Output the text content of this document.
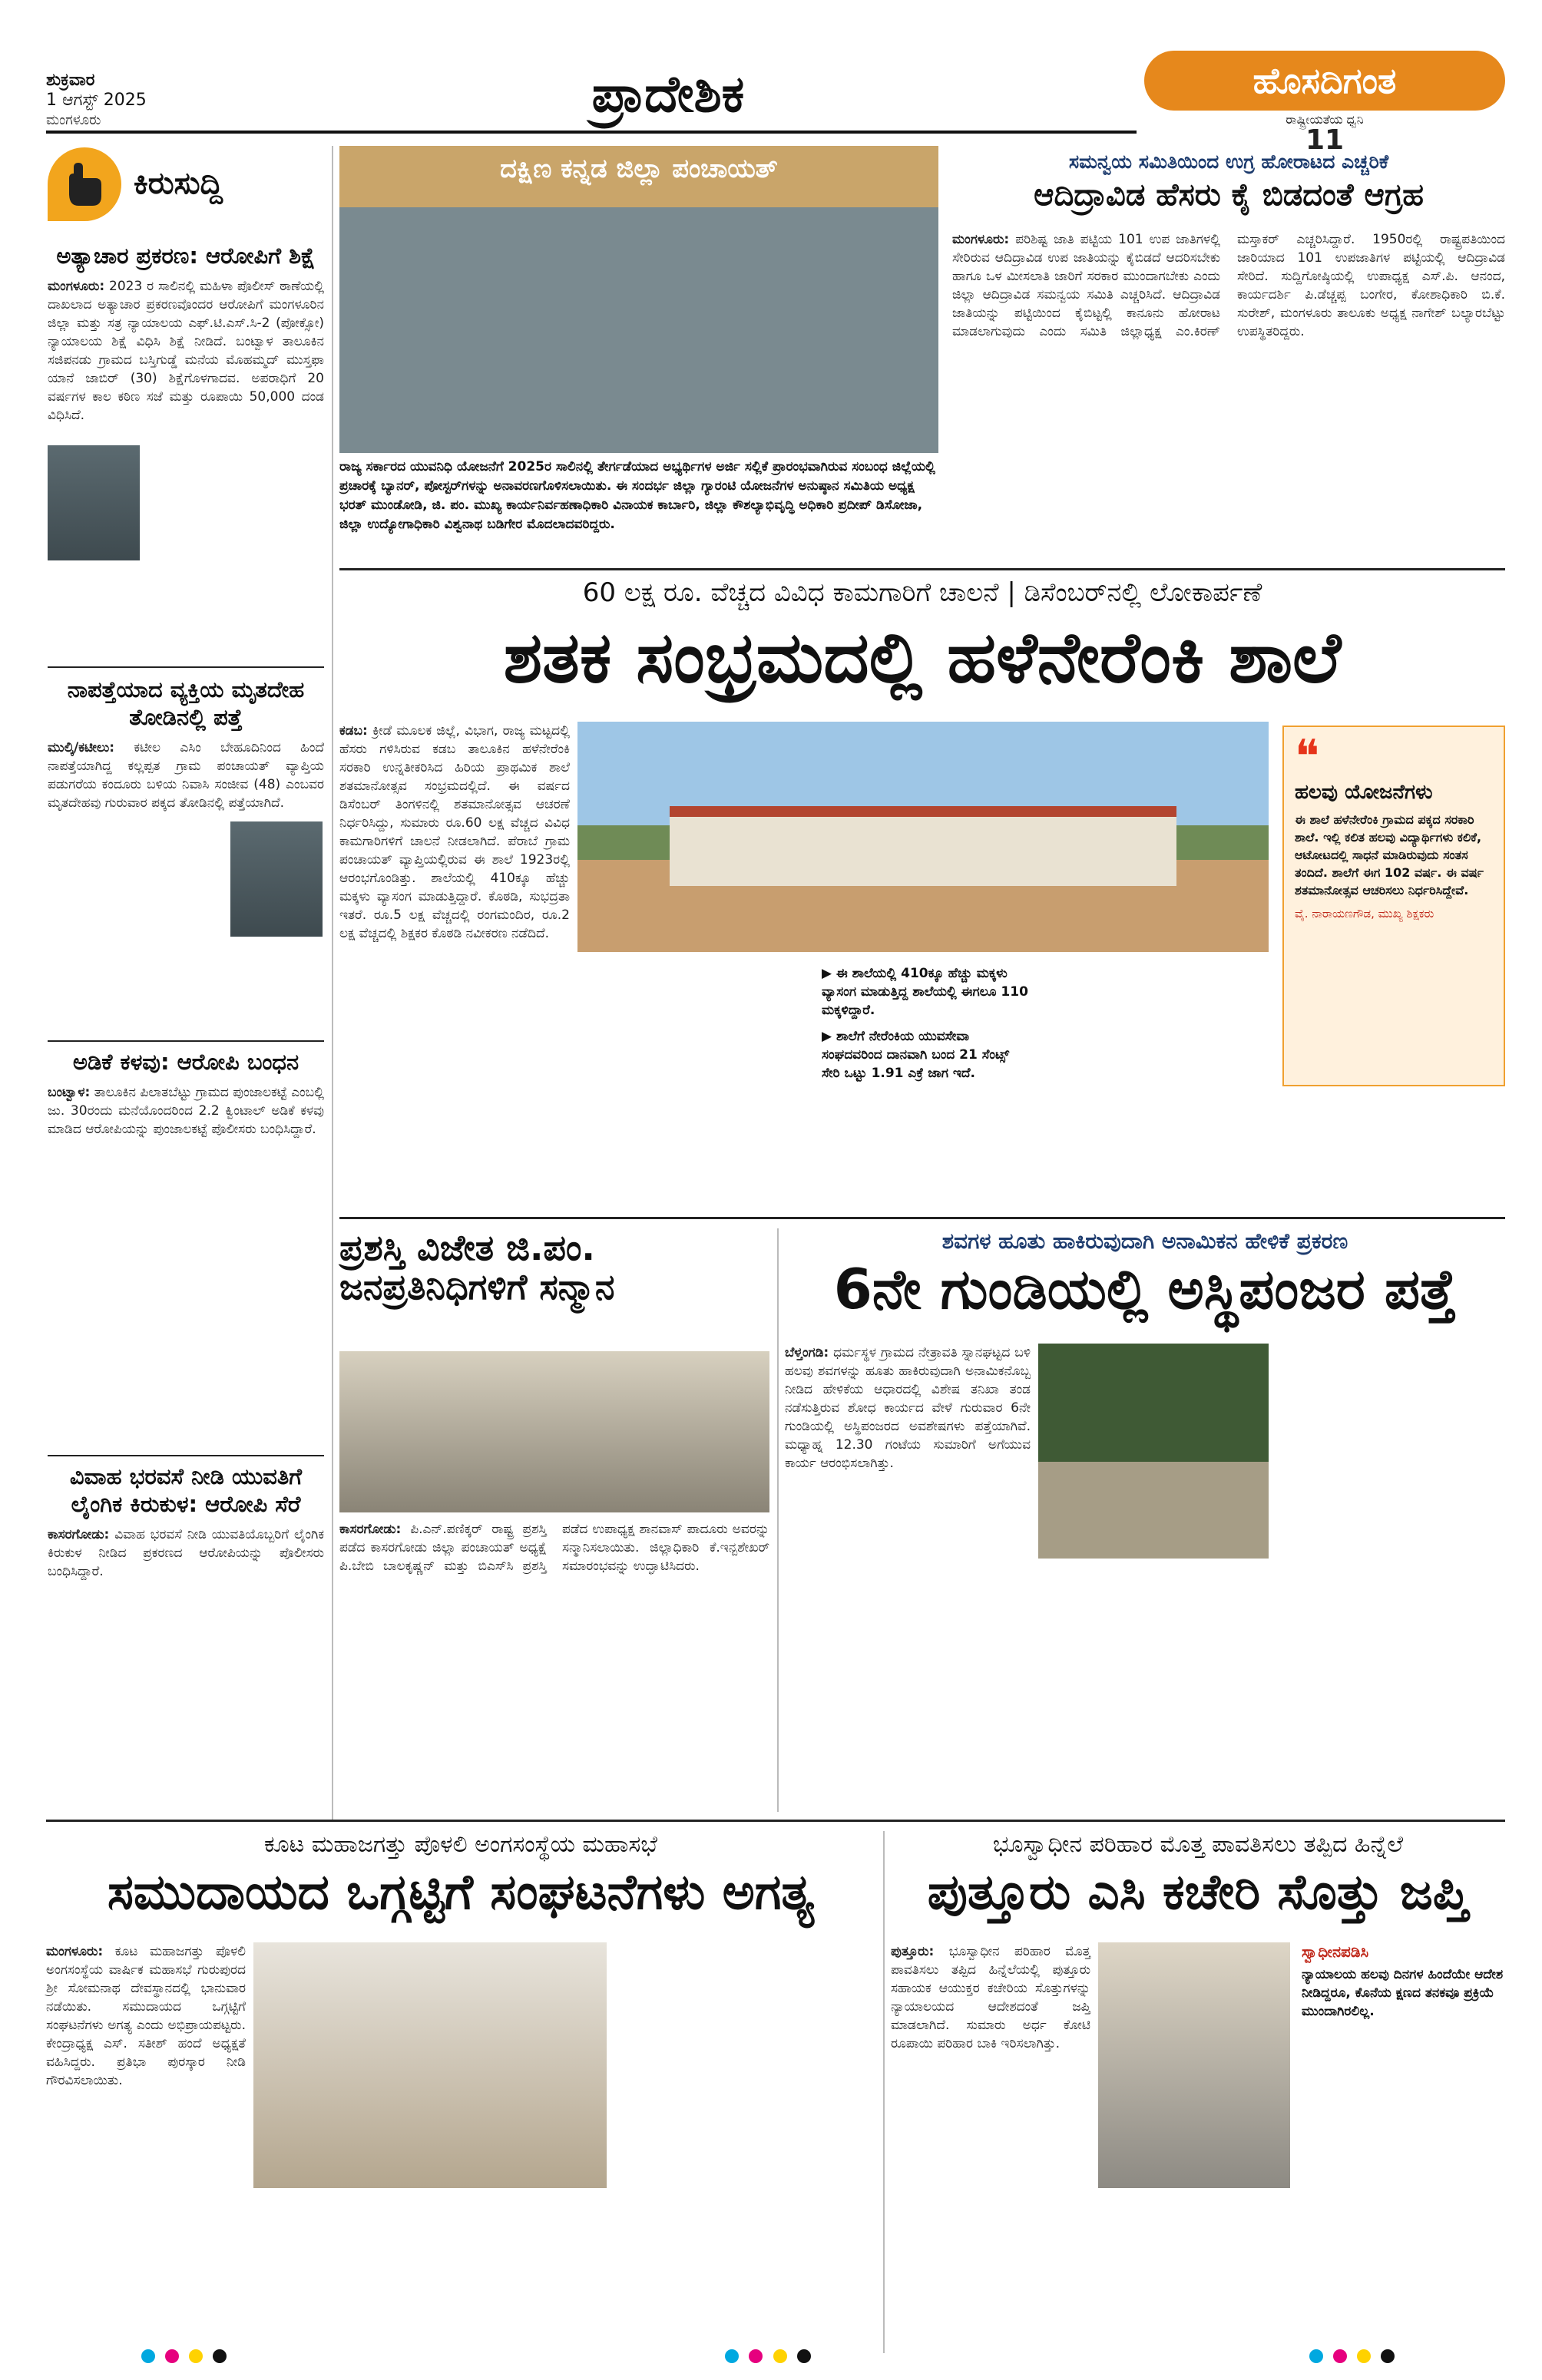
ಶುಕ್ರವಾರ
1 ಆಗಸ್ಟ್ 2025
ಮಂಗಳೂರು	ಪ್ರಾದೇಶಿಕ	ಹೊಸದಿಗಂತ
11
ರಾಷ್ಟ್ರೀಯತೆಯ ಧ್ವನಿ
ಕಿರುಸುದ್ದಿ
ಅತ್ಯಾಚಾರ ಪ್ರಕರಣ: ಆರೋಪಿಗೆ ಶಿಕ್ಷೆ
ಮಂಗಳೂರು: 2023 ರ ಸಾಲಿನಲ್ಲಿ ಮಹಿಳಾ ಪೊಲೀಸ್ ಠಾಣೆಯಲ್ಲಿ ದಾಖಲಾದ ಅತ್ಯಾಚಾರ ಪ್ರಕರಣವೊಂದರ ಆರೋಪಿಗೆ ಮಂಗಳೂರಿನ ಜಿಲ್ಲಾ ಮತ್ತು ಸತ್ರ ನ್ಯಾಯಾಲಯ ಎಫ್.ಟಿ.ಎಸ್.ಸಿ-2 (ಪೋಕ್ಸೋ) ನ್ಯಾಯಾಲಯ ಶಿಕ್ಷೆ ವಿಧಿಸಿ ಶಿಕ್ಷೆ ನೀಡಿದೆ. ಬಂಟ್ವಾಳ ತಾಲೂಕಿನ ಸಜಿಪನಡು ಗ್ರಾಮದ ಬಸ್ತಿಗುಡ್ಡೆ ಮನೆಯ ಮೊಹಮ್ಮದ್ ಮುಸ್ತಫಾ ಯಾನೆ ಜಾಬಿರ್ (30) ಶಿಕ್ಷೆಗೊಳಗಾದವ. ಅಪರಾಧಿಗೆ 20 ವರ್ಷಗಳ ಕಾಲ ಕಠಿಣ ಸಜೆ ಮತ್ತು ರೂಪಾಯಿ 50,000 ದಂಡ ವಿಧಿಸಿದೆ.
ನಾಪತ್ತೆಯಾದ ವ್ಯಕ್ತಿಯ ಮೃತದೇಹ ತೋಡಿನಲ್ಲಿ ಪತ್ತೆ
ಮುಲ್ಕಿ/ಕಟೀಲು: ಕಟೀಲ ಎಸಿಂ ಬೇಹೂದಿನಿಂದ ಹಿಂದೆ ನಾಪತ್ತೆಯಾಗಿದ್ದ ಕಲ್ಲಪ್ಪತ ಗ್ರಾಮ ಪಂಚಾಯತ್ ವ್ಯಾಪ್ತಿಯ ಪಡುಗರೆಯ ಕಂದೂರು ಬಳಿಯ ನಿವಾಸಿ ಸಂಜೀವ (48) ಎಂಬವರ ಮೃತದೇಹವು ಗುರುವಾರ ಪಕ್ಕದ ತೋಡಿನಲ್ಲಿ ಪತ್ತೆಯಾಗಿದೆ.
ಅಡಿಕೆ ಕಳವು: ಆರೋಪಿ ಬಂಧನ
ಬಂಟ್ವಾಳ: ತಾಲೂಕಿನ ಪಿಲಾತಬೆಟ್ಟು ಗ್ರಾಮದ ಪುಂಜಾಲಕಟ್ಟೆ ಎಂಬಲ್ಲಿ ಜು. 30ರಂದು ಮನೆಯೊಂದರಿಂದ 2.2 ಕ್ವಿಂಟಾಲ್ ಅಡಿಕೆ ಕಳವು ಮಾಡಿದ ಆರೋಪಿಯನ್ನು ಪುಂಜಾಲಕಟ್ಟೆ ಪೊಲೀಸರು ಬಂಧಿಸಿದ್ದಾರೆ.
ವಿವಾಹ ಭರವಸೆ ನೀಡಿ ಯುವತಿಗೆ ಲೈಂಗಿಕ ಕಿರುಕುಳ: ಆರೋಪಿ ಸೆರೆ
ಕಾಸರಗೋಡು: ವಿವಾಹ ಭರವಸೆ ನೀಡಿ ಯುವತಿಯೊಬ್ಬರಿಗೆ ಲೈಂಗಿಕ ಕಿರುಕುಳ ನೀಡಿದ ಪ್ರಕರಣದ ಆರೋಪಿಯನ್ನು ಪೊಲೀಸರು ಬಂಧಿಸಿದ್ದಾರೆ.
ದಕ್ಷಿಣ ಕನ್ನಡ ಜಿಲ್ಲಾ ಪಂಚಾಯತ್
ರಾಜ್ಯ ಸರ್ಕಾರದ ಯುವನಿಧಿ ಯೋಜನೆಗೆ 2025ರ ಸಾಲಿನಲ್ಲಿ ತೇರ್ಗಡೆಯಾದ ಅಭ್ಯರ್ಥಿಗಳ ಅರ್ಜಿ ಸಲ್ಲಿಕೆ ಪ್ರಾರಂಭವಾಗಿರುವ ಸಂಬಂಧ ಜಿಲ್ಲೆಯಲ್ಲಿ ಪ್ರಚಾರಕ್ಕೆ ಬ್ಯಾನರ್, ಪೋಸ್ಟರ್‌ಗಳನ್ನು ಅನಾವರಣಗೊಳಿಸಲಾಯಿತು. ಈ ಸಂದರ್ಭ ಜಿಲ್ಲಾ ಗ್ಯಾರಂಟಿ ಯೋಜನೆಗಳ ಅನುಷ್ಠಾನ ಸಮಿತಿಯ ಅಧ್ಯಕ್ಷ ಭರತ್ ಮುಂಡೋಡಿ, ಜಿ. ಪಂ. ಮುಖ್ಯ ಕಾರ್ಯನಿರ್ವಹಣಾಧಿಕಾರಿ ವಿನಾಯಕ ಕಾರ್ಬಾರಿ, ಜಿಲ್ಲಾ ಕೌಶಲ್ಯಾಭಿವೃದ್ಧಿ ಅಧಿಕಾರಿ ಪ್ರದೀಪ್ ಡಿಸೋಜಾ, ಜಿಲ್ಲಾ ಉದ್ಯೋಗಾಧಿಕಾರಿ ವಿಶ್ವನಾಥ ಬಡಿಗೇರ ಮೊದಲಾದವರಿದ್ದರು.
ಸಮನ್ವಯ ಸಮಿತಿಯಿಂದ ಉಗ್ರ ಹೋರಾಟದ ಎಚ್ಚರಿಕೆ
ಆದಿದ್ರಾವಿಡ ಹೆಸರು ಕೈ ಬಿಡದಂತೆ ಆಗ್ರಹ
ಮಂಗಳೂರು: ಪರಿಶಿಷ್ಟ ಜಾತಿ ಪಟ್ಟಿಯ 101 ಉಪ ಜಾತಿಗಳಲ್ಲಿ ಸೇರಿರುವ ಆದಿದ್ರಾವಿಡ ಉಪ ಜಾತಿಯನ್ನು ಕೈಬಿಡದೆ ಆದರಿಸಬೇಕು ಹಾಗೂ ಒಳ ಮೀಸಲಾತಿ ಜಾರಿಗೆ ಸರಕಾರ ಮುಂದಾಗಬೇಕು ಎಂದು ಜಿಲ್ಲಾ ಆದಿದ್ರಾವಿಡ ಸಮನ್ವಯ ಸಮಿತಿ ಎಚ್ಚರಿಸಿದೆ. ಆದಿದ್ರಾವಿಡ ಜಾತಿಯನ್ನು ಪಟ್ಟಿಯಿಂದ ಕೈಬಿಟ್ಟಲ್ಲಿ ಕಾನೂನು ಹೋರಾಟ ಮಾಡಲಾಗುವುದು ಎಂದು ಸಮಿತಿ ಜಿಲ್ಲಾಧ್ಯಕ್ಷ ಎಂ.ಕಿರಣ್ ಮಸ್ತಾಕರ್ ಎಚ್ಚರಿಸಿದ್ದಾರೆ. 1950ರಲ್ಲಿ ರಾಷ್ಟ್ರಪತಿಯಿಂದ ಜಾರಿಯಾದ 101 ಉಪಜಾತಿಗಳ ಪಟ್ಟಿಯಲ್ಲಿ ಆದಿದ್ರಾವಿಡ ಸೇರಿದೆ. ಸುದ್ದಿಗೋಷ್ಠಿಯಲ್ಲಿ ಉಪಾಧ್ಯಕ್ಷ ಎಸ್.ಪಿ. ಆನಂದ, ಕಾರ್ಯದರ್ಶಿ ಪಿ.ಡೆಚ್ಚಪ್ಪ ಬಂಗೇರ, ಕೋಶಾಧಿಕಾರಿ ಬಿ.ಕೆ. ಸುರೇಶ್, ಮಂಗಳೂರು ತಾಲೂಕು ಅಧ್ಯಕ್ಷ ನಾಗೇಶ್ ಬಲ್ಯಾರಬೆಟ್ಟು ಉಪಸ್ಥಿತರಿದ್ದರು.
60 ಲಕ್ಷ ರೂ. ವೆಚ್ಚದ ವಿವಿಧ ಕಾಮಗಾರಿಗೆ ಚಾಲನೆ | ಡಿಸೆಂಬರ್‌ನಲ್ಲಿ ಲೋಕಾರ್ಪಣೆ
ಶತಕ ಸಂಭ್ರಮದಲ್ಲಿ ಹಳೆನೇರೆಂಕಿ ಶಾಲೆ
ಕಡಬ: ಕ್ರೀಡೆ ಮೂಲಕ ಜಿಲ್ಲೆ, ವಿಭಾಗ, ರಾಜ್ಯ ಮಟ್ಟದಲ್ಲಿ ಹೆಸರು ಗಳಿಸಿರುವ ಕಡಬ ತಾಲೂಕಿನ ಹಳೆನೇರೆಂಕಿ ಸರಕಾರಿ ಉನ್ನತೀಕರಿಸಿದ ಹಿರಿಯ ಪ್ರಾಥಮಿಕ ಶಾಲೆ ಶತಮಾನೋತ್ಸವ ಸಂಭ್ರಮದಲ್ಲಿದೆ. ಈ ವರ್ಷದ ಡಿಸೆಂಬರ್ ತಿಂಗಳಿನಲ್ಲಿ ಶತಮಾನೋತ್ಸವ ಆಚರಣೆ ನಿರ್ಧರಿಸಿದ್ದು, ಸುಮಾರು ರೂ.60 ಲಕ್ಷ ವೆಚ್ಚದ ವಿವಿಧ ಕಾಮಗಾರಿಗಳಿಗೆ ಚಾಲನೆ ನೀಡಲಾಗಿದೆ. ಪೆರಾಬೆ ಗ್ರಾಮ ಪಂಚಾಯತ್ ವ್ಯಾಪ್ತಿಯಲ್ಲಿರುವ ಈ ಶಾಲೆ 1923ರಲ್ಲಿ ಆರಂಭಗೊಂಡಿತ್ತು. ಶಾಲೆಯಲ್ಲಿ 410ಕ್ಕೂ ಹೆಚ್ಚು ಮಕ್ಕಳು ವ್ಯಾಸಂಗ ಮಾಡುತ್ತಿದ್ದಾರೆ. ಕೊಠಡಿ, ಸುಭದ್ರತಾ ಇತರೆ. ರೂ.5 ಲಕ್ಷ ವೆಚ್ಚದಲ್ಲಿ ರಂಗಮಂದಿರ, ರೂ.2 ಲಕ್ಷ ವೆಚ್ಚದಲ್ಲಿ ಶಿಕ್ಷಕರ ಕೊಠಡಿ ನವೀಕರಣ ನಡೆದಿದೆ.
▶ ಈ ಶಾಲೆಯಲ್ಲಿ 410ಕ್ಕೂ ಹೆಚ್ಚು ಮಕ್ಕಳು ವ್ಯಾಸಂಗ ಮಾಡುತ್ತಿದ್ದ ಶಾಲೆಯಲ್ಲಿ ಈಗಲೂ 110 ಮಕ್ಕಳಿದ್ದಾರೆ.
▶ ಶಾಲೆಗೆ ನೇರೆಂಕಿಯ ಯುವಸೇವಾ ಸಂಘದವರಿಂದ ದಾನವಾಗಿ ಬಂದ 21 ಸೆಂಟ್ಸ್ ಸೇರಿ ಒಟ್ಟು 1.91 ಎಕ್ರೆ ಜಾಗ ಇದೆ.
❝
ಹಲವು ಯೋಜನೆಗಳು
ಈ ಶಾಲೆ ಹಳೆನೇರೆಂಕಿ ಗ್ರಾಮದ ಪಕ್ಕದ ಸರಕಾರಿ ಶಾಲೆ. ಇಲ್ಲಿ ಕಲಿತ ಹಲವು ವಿದ್ಯಾರ್ಥಿಗಳು ಕಲಿಕೆ, ಆಟೋಟದಲ್ಲಿ ಸಾಧನೆ ಮಾಡಿರುವುದು ಸಂತಸ ತಂದಿದೆ. ಶಾಲೆಗೆ ಈಗ 102 ವರ್ಷ. ಈ ವರ್ಷ ಶತಮಾನೋತ್ಸವ ಆಚರಿಸಲು ನಿರ್ಧರಿಸಿದ್ದೇವೆ.
ವೈ. ನಾರಾಯಣಗೌಡ, ಮುಖ್ಯ ಶಿಕ್ಷಕರು
ಪ್ರಶಸ್ತಿ ವಿಜೇತ ಜಿ.ಪಂ. ಜನಪ್ರತಿನಿಧಿಗಳಿಗೆ ಸನ್ಮಾನ
ಕಾಸರಗೋಡು: ಪಿ.ಎನ್.ಪಣಿಕ್ಕರ್ ರಾಷ್ಟ್ರ ಪ್ರಶಸ್ತಿ ಪಡೆದ ಕಾಸರಗೋಡು ಜಿಲ್ಲಾ ಪಂಚಾಯತ್ ಅಧ್ಯಕ್ಷೆ ಪಿ.ಬೇಬಿ ಬಾಲಕೃಷ್ಣನ್ ಮತ್ತು ಬಿಎಸ್‌ಸಿ ಪ್ರಶಸ್ತಿ ಪಡೆದ ಉಪಾಧ್ಯಕ್ಷ ಶಾನವಾಸ್ ಪಾದೂರು ಅವರನ್ನು ಸನ್ಮಾನಿಸಲಾಯಿತು. ಜಿಲ್ಲಾಧಿಕಾರಿ ಕೆ.ಇನ್ಬಶೇಖರ್ ಸಮಾರಂಭವನ್ನು ಉದ್ಘಾಟಿಸಿದರು.
ಶವಗಳ ಹೂತು ಹಾಕಿರುವುದಾಗಿ ಅನಾಮಿಕನ ಹೇಳಿಕೆ ಪ್ರಕರಣ
6ನೇ ಗುಂಡಿಯಲ್ಲಿ ಅಸ್ಥಿಪಂಜರ ಪತ್ತೆ
ಬೆಳ್ತಂಗಡಿ: ಧರ್ಮಸ್ಥಳ ಗ್ರಾಮದ ನೇತ್ರಾವತಿ ಸ್ನಾನಘಟ್ಟದ ಬಳಿ ಹಲವು ಶವಗಳನ್ನು ಹೂತು ಹಾಕಿರುವುದಾಗಿ ಅನಾಮಿಕನೊಬ್ಬ ನೀಡಿದ ಹೇಳಿಕೆಯ ಆಧಾರದಲ್ಲಿ ವಿಶೇಷ ತನಿಖಾ ತಂಡ ನಡೆಸುತ್ತಿರುವ ಶೋಧ ಕಾರ್ಯದ ವೇಳೆ ಗುರುವಾರ 6ನೇ ಗುಂಡಿಯಲ್ಲಿ ಅಸ್ಥಿಪಂಜರದ ಅವಶೇಷಗಳು ಪತ್ತೆಯಾಗಿವೆ. ಮಧ್ಯಾಹ್ನ 12.30 ಗಂಟೆಯ ಸುಮಾರಿಗೆ ಅಗೆಯುವ ಕಾರ್ಯ ಆರಂಭಿಸಲಾಗಿತ್ತು.
ಕೂಟ ಮಹಾಜಗತ್ತು ಪೊಳಲಿ ಅಂಗಸಂಸ್ಥೆಯ ಮಹಾಸಭೆ
ಸಮುದಾಯದ ಒಗ್ಗಟ್ಟಿಗೆ ಸಂಘಟನೆಗಳು ಅಗತ್ಯ
ಮಂಗಳೂರು: ಕೂಟ ಮಹಾಜಗತ್ತು ಪೊಳಲಿ ಅಂಗಸಂಸ್ಥೆಯ ವಾರ್ಷಿಕ ಮಹಾಸಭೆ ಗುರುಪುರದ ಶ್ರೀ ಸೋಮನಾಥ ದೇವಸ್ಥಾನದಲ್ಲಿ ಭಾನುವಾರ ನಡೆಯಿತು. ಸಮುದಾಯದ ಒಗ್ಗಟ್ಟಿಗೆ ಸಂಘಟನೆಗಳು ಅಗತ್ಯ ಎಂದು ಅಭಿಪ್ರಾಯಪಟ್ಟರು. ಕೇಂದ್ರಾಧ್ಯಕ್ಷ ಎಸ್. ಸತೀಶ್ ಹಂದೆ ಅಧ್ಯಕ್ಷತೆ ವಹಿಸಿದ್ದರು. ಪ್ರತಿಭಾ ಪುರಸ್ಕಾರ ನೀಡಿ ಗೌರವಿಸಲಾಯಿತು.
ಭೂಸ್ವಾಧೀನ ಪರಿಹಾರ ಮೊತ್ತ ಪಾವತಿಸಲು ತಪ್ಪಿದ ಹಿನ್ನೆಲೆ
ಪುತ್ತೂರು ಎಸಿ ಕಚೇರಿ ಸೊತ್ತು ಜಪ್ತಿ
ಪುತ್ತೂರು: ಭೂಸ್ವಾಧೀನ ಪರಿಹಾರ ಮೊತ್ತ ಪಾವತಿಸಲು ತಪ್ಪಿದ ಹಿನ್ನೆಲೆಯಲ್ಲಿ ಪುತ್ತೂರು ಸಹಾಯಕ ಆಯುಕ್ತರ ಕಚೇರಿಯ ಸೊತ್ತುಗಳನ್ನು ನ್ಯಾಯಾಲಯದ ಆದೇಶದಂತೆ ಜಪ್ತಿ ಮಾಡಲಾಗಿದೆ. ಸುಮಾರು ಅರ್ಧ ಕೋಟಿ ರೂಪಾಯಿ ಪರಿಹಾರ ಬಾಕಿ ಇರಿಸಲಾಗಿತ್ತು.
ಸ್ವಾಧೀನಪಡಿಸಿ
ನ್ಯಾಯಾಲಯ ಹಲವು ದಿನಗಳ ಹಿಂದೆಯೇ ಆದೇಶ ನೀಡಿದ್ದರೂ, ಕೊನೆಯ ಕ್ಷಣದ ತನಕವೂ ಪ್ರಕ್ರಿಯೆ ಮುಂದಾಗಿರಲಿಲ್ಲ.
